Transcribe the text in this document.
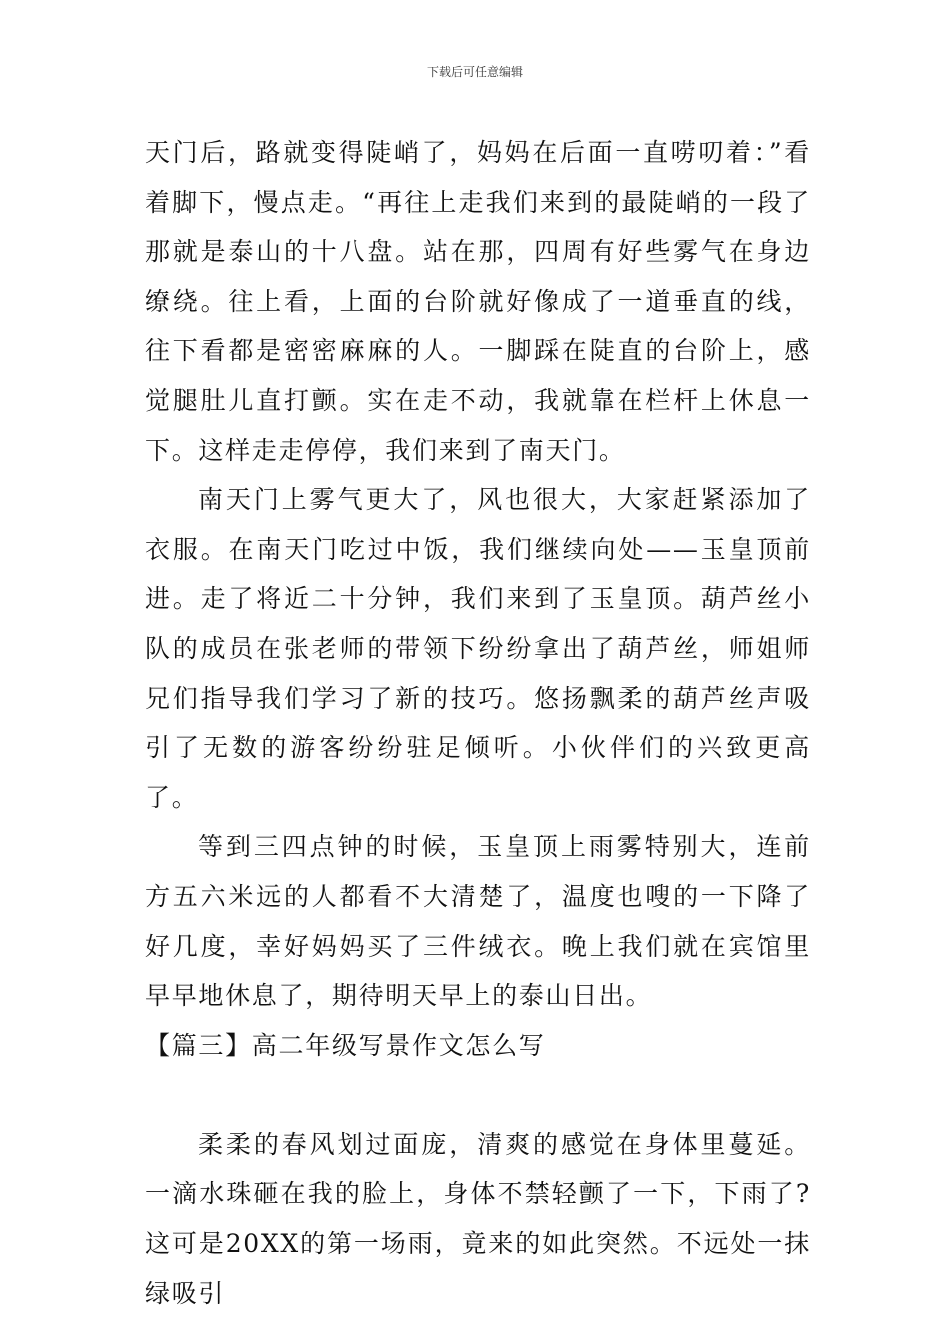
下载后可任意编辑

天门后，路就变得陡峭了，妈妈在后面一直唠叨着：”看着脚下，慢点走。“再往上走我们来到的最陡峭的一段了那就是泰山的十八盘。站在那，四周有好些雾气在身边缭绕。往上看，上面的台阶就好像成了一道垂直的线，往下看都是密密麻麻的人。一脚踩在陡直的台阶上，感觉腿肚儿直打颤。实在走不动，我就靠在栏杆上休息一下。这样走走停停，我们来到了南天门。

南天门上雾气更大了，风也很大，大家赶紧添加了衣服。在南天门吃过中饭，我们继续向处——玉皇顶前进。走了将近二十分钟，我们来到了玉皇顶。葫芦丝小队的成员在张老师的带领下纷纷拿出了葫芦丝，师姐师兄们指导我们学习了新的技巧。悠扬飘柔的葫芦丝声吸引了无数的游客纷纷驻足倾听。小伙伴们的兴致更高了。

等到三四点钟的时候，玉皇顶上雨雾特别大，连前方五六米远的人都看不大清楚了，温度也嗖的一下降了好几度，幸好妈妈买了三件绒衣。晚上我们就在宾馆里早早地休息了，期待明天早上的泰山日出。

【篇三】高二年级写景作文怎么写

柔柔的春风划过面庞，清爽的感觉在身体里蔓延。一滴水珠砸在我的脸上，身体不禁轻颤了一下，下雨了?这可是20XX的第一场雨，竟来的如此突然。不远处一抹绿吸引
